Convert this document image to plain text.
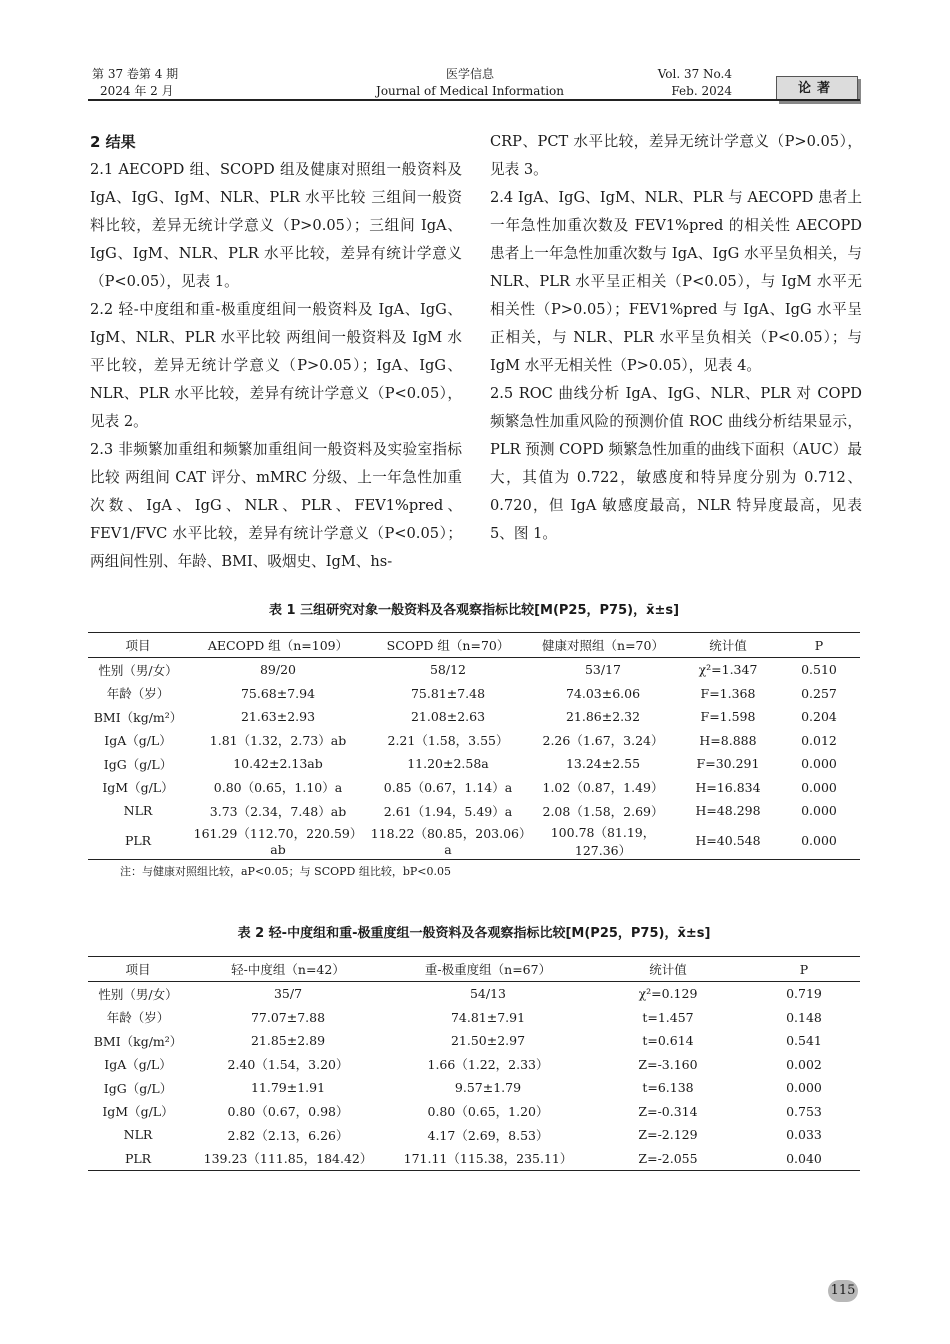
第 37 卷第 4 期
2024 年 2 月
医学信息
Journal of Medical Information
Vol. 37 No.4
Feb. 2024	论著

2 结果

2.1 AECOPD 组、SCOPD 组及健康对照组一般资料及 IgA、IgG、IgM、NLR、PLR 水平比较 三组间一般资料比较，差异无统计学意义（P>0.05）；三组间 IgA、IgG、IgM、NLR、PLR 水平比较，差异有统计学意义（P<0.05），见表 1。

2.2 轻-中度组和重-极重度组间一般资料及 IgA、IgG、IgM、NLR、PLR 水平比较 两组间一般资料及 IgM 水平比较，差异无统计学意义（P>0.05）；IgA、IgG、NLR、PLR 水平比较，差异有统计学意义（P<0.05），见表 2。

2.3 非频繁加重组和频繁加重组间一般资料及实验室指标比较 两组间 CAT 评分、mMRC 分级、上一年急性加重次数、IgA、IgG、NLR、PLR、FEV1%pred、FEV1/FVC 水平比较，差异有统计学意义（P<0.05）；两组间性别、年龄、BMI、吸烟史、IgM、hs-

CRP、PCT 水平比较，差异无统计学意义（P>0.05），见表 3。

2.4 IgA、IgG、IgM、NLR、PLR 与 AECOPD 患者上一年急性加重次数及 FEV1%pred 的相关性 AECOPD 患者上一年急性加重次数与 IgA、IgG 水平呈负相关，与 NLR、PLR 水平呈正相关（P<0.05），与 IgM 水平无相关性（P>0.05）；FEV1%pred 与 IgA、IgG 水平呈正相关，与 NLR、PLR 水平呈负相关（P<0.05）；与 IgM 水平无相关性（P>0.05），见表 4。

2.5 ROC 曲线分析 IgA、IgG、NLR、PLR 对 COPD 频繁急性加重风险的预测价值 ROC 曲线分析结果显示，PLR 预测 COPD 频繁急性加重的曲线下面积（AUC）最大，其值为 0.722，敏感度和特异度分别为 0.712、0.720，但 IgA 敏感度最高，NLR 特异度最高，见表 5、图 1。

表 1 三组研究对象一般资料及各观察指标比较[M(P25，P75)，x̄±s]
项目	AECOPD 组（n=109）	SCOPD 组（n=70）	健康对照组（n=70）	统计值	P
性别（男/女）	89/20	58/12	53/17	χ²=1.347	0.510
年龄（岁）	75.68±7.94	75.81±7.48	74.03±6.06	F=1.368	0.257
BMI（kg/m²）	21.63±2.93	21.08±2.63	21.86±2.32	F=1.598	0.204
IgA（g/L）	1.81（1.32，2.73）ab	2.21（1.58，3.55）	2.26（1.67，3.24）	H=8.888	0.012
IgG（g/L）	10.42±2.13ab	11.20±2.58a	13.24±2.55	F=30.291	0.000
IgM（g/L）	0.80（0.65，1.10）a	0.85（0.67，1.14）a	1.02（0.87，1.49）	H=16.834	0.000
NLR	3.73（2.34，7.48）ab	2.61（1.94，5.49）a	2.08（1.58，2.69）	H=48.298	0.000
PLR	161.29（112.70，220.59）ab	118.22（80.85，203.06）a	100.78（81.19，127.36）	H=40.548	0.000
注：与健康对照组比较，aP<0.05；与 SCOPD 组比较，bP<0.05
表 2 轻-中度组和重-极重度组一般资料及各观察指标比较[M(P25，P75)，x̄±s]
项目	轻-中度组（n=42）	重-极重度组（n=67）	统计值	P
性别（男/女）	35/7	54/13	χ²=0.129	0.719
年龄（岁）	77.07±7.88	74.81±7.91	t=1.457	0.148
BMI（kg/m²）	21.85±2.89	21.50±2.97	t=0.614	0.541
IgA（g/L）	2.40（1.54，3.20）	1.66（1.22，2.33）	Z=-3.160	0.002
IgG（g/L）	11.79±1.91	9.57±1.79	t=6.138	0.000
IgM（g/L）	0.80（0.67，0.98）	0.80（0.65，1.20）	Z=-0.314	0.753
NLR	2.82（2.13，6.26）	4.17（2.69，8.53）	Z=-2.129	0.033
PLR	139.23（111.85，184.42）	171.11（115.38，235.11）	Z=-2.055	0.040
115
